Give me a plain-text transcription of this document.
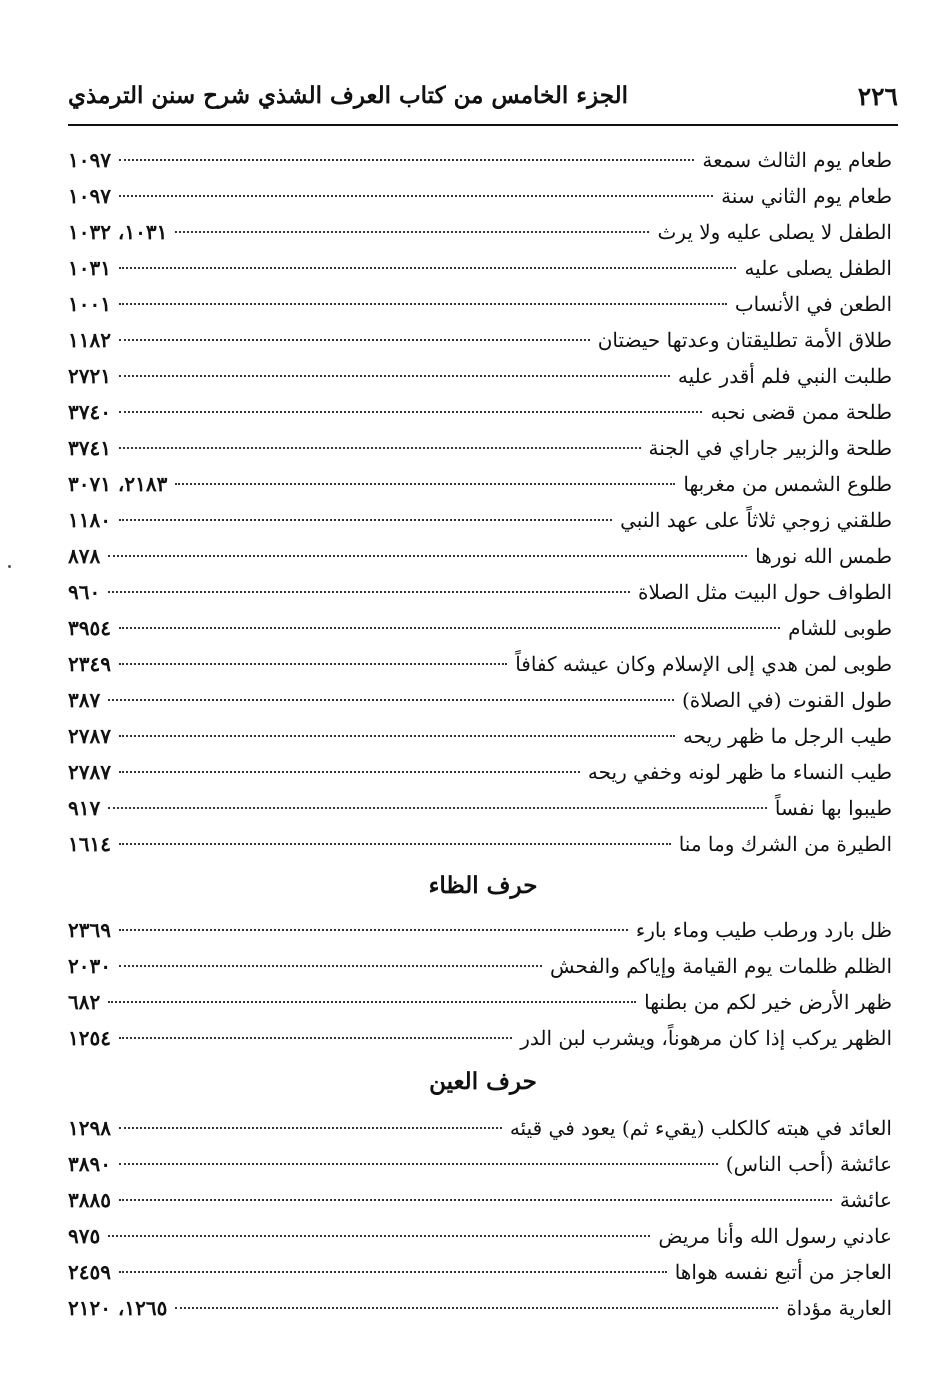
٢٢٦
الجزء الخامس من كتاب العرف الشذي شرح سنن الترمذي
طعام يوم الثالث سمعة
١٠٩٧
طعام يوم الثاني سنة
١٠٩٧
الطفل لا يصلى عليه ولا يرث
١٠٣١، ١٠٣٢
الطفل يصلى عليه
١٠٣١
الطعن في الأنساب
١٠٠١
طلاق الأمة تطليقتان وعدتها حيضتان
١١٨٢
طلبت النبي فلم أقدر عليه
٢٧٢١
طلحة ممن قضى نحبه
٣٧٤٠
طلحة والزبير جاراي في الجنة
٣٧٤١
طلوع الشمس من مغربها
٢١٨٣، ٣٠٧١
طلقني زوجي ثلاثاً على عهد النبي
١١٨٠
طمس الله نورها
٨٧٨
الطواف حول البيت مثل الصلاة
٩٦٠
طوبى للشام
٣٩٥٤
طوبى لمن هدي إلى الإسلام وكان عيشه كفافاً
٢٣٤٩
طول القنوت (في الصلاة)
٣٨٧
طيب الرجل ما ظهر ريحه
٢٧٨٧
طيب النساء ما ظهر لونه وخفي ريحه
٢٧٨٧
طيبوا بها نفساً
٩١٧
الطيرة من الشرك وما منا
١٦١٤
حرف الظاء
ظل بارد ورطب طيب وماء بارء
٢٣٦٩
الظلم ظلمات يوم القيامة وإياكم والفحش
٢٠٣٠
ظهر الأرض خير لكم من بطنها
٦٨٢
الظهر يركب إذا كان مرهوناً، ويشرب لبن الدر
١٢٥٤
حرف العين
العائد في هبته كالكلب (يقيء ثم) يعود في قيئه
١٢٩٨
عائشة (أحب الناس)
٣٨٩٠
عائشة
٣٨٨٥
عادني رسول الله وأنا مريض
٩٧٥
العاجز من أتبع نفسه هواها
٢٤٥٩
العارية مؤداة
١٢٦٥، ٢١٢٠
